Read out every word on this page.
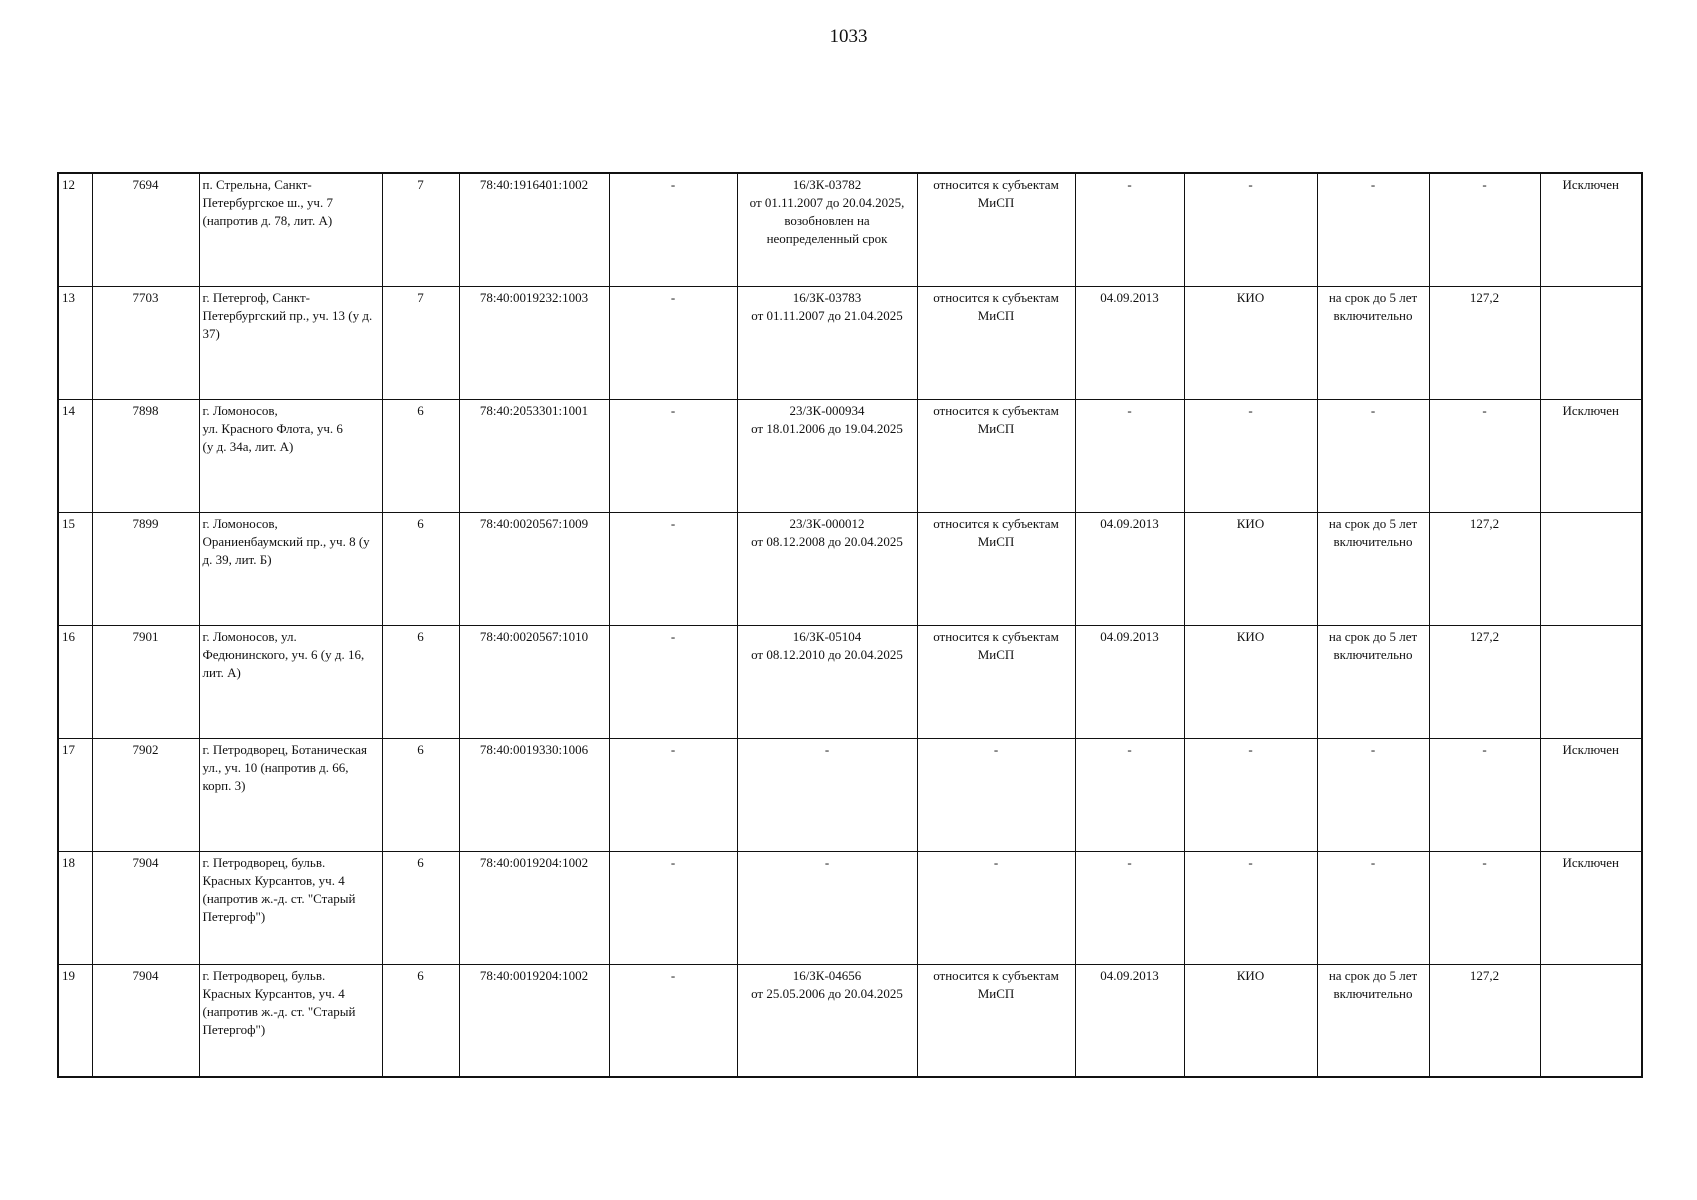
1033
12	7694	п. Стрельна, Санкт-
Петербургское ш., уч. 7
(напротив д. 78, лит. А)	7	78:40:1916401:1002	-	16/ЗК-03782
от 01.11.2007 до 20.04.2025,
возобновлен на
неопределенный срок	относится к субъектам
МиСП	-	-	-	-	Исключен
13	7703	г. Петергоф, Санкт-
Петербургский пр., уч. 13 (у д.
37)	7	78:40:0019232:1003	-	16/ЗК-03783
от 01.11.2007 до 21.04.2025	относится к субъектам
МиСП	04.09.2013	КИО	на срок до 5 лет
включительно	127,2	
14	7898	г. Ломоносов,
ул. Красного Флота, уч. 6
(у д. 34а, лит. А)	6	78:40:2053301:1001	-	23/ЗК-000934
от 18.01.2006 до 19.04.2025	относится к субъектам
МиСП	-	-	-	-	Исключен
15	7899	г. Ломоносов,
Ораниенбаумский пр., уч. 8 (у
д. 39, лит. Б)	6	78:40:0020567:1009	-	23/ЗК-000012
от 08.12.2008 до 20.04.2025	относится к субъектам
МиСП	04.09.2013	КИО	на срок до 5 лет
включительно	127,2	
16	7901	г. Ломоносов, ул.
Федюнинского, уч. 6 (у д. 16,
лит. А)	6	78:40:0020567:1010	-	16/ЗК-05104
от 08.12.2010 до 20.04.2025	относится к субъектам
МиСП	04.09.2013	КИО	на срок до 5 лет
включительно	127,2	
17	7902	г. Петродворец, Ботаническая
ул., уч. 10 (напротив д. 66,
корп. 3)	6	78:40:0019330:1006	-	-	-	-	-	-	-	Исключен
18	7904	г. Петродворец, бульв.
Красных Курсантов, уч. 4
(напротив ж.-д. ст. "Старый
Петергоф")	6	78:40:0019204:1002	-	-	-	-	-	-	-	Исключен
19	7904	г. Петродворец, бульв.
Красных Курсантов, уч. 4
(напротив ж.-д. ст. "Старый
Петергоф")	6	78:40:0019204:1002	-	16/ЗК-04656
от 25.05.2006 до 20.04.2025	относится к субъектам
МиСП	04.09.2013	КИО	на срок до 5 лет
включительно	127,2	
